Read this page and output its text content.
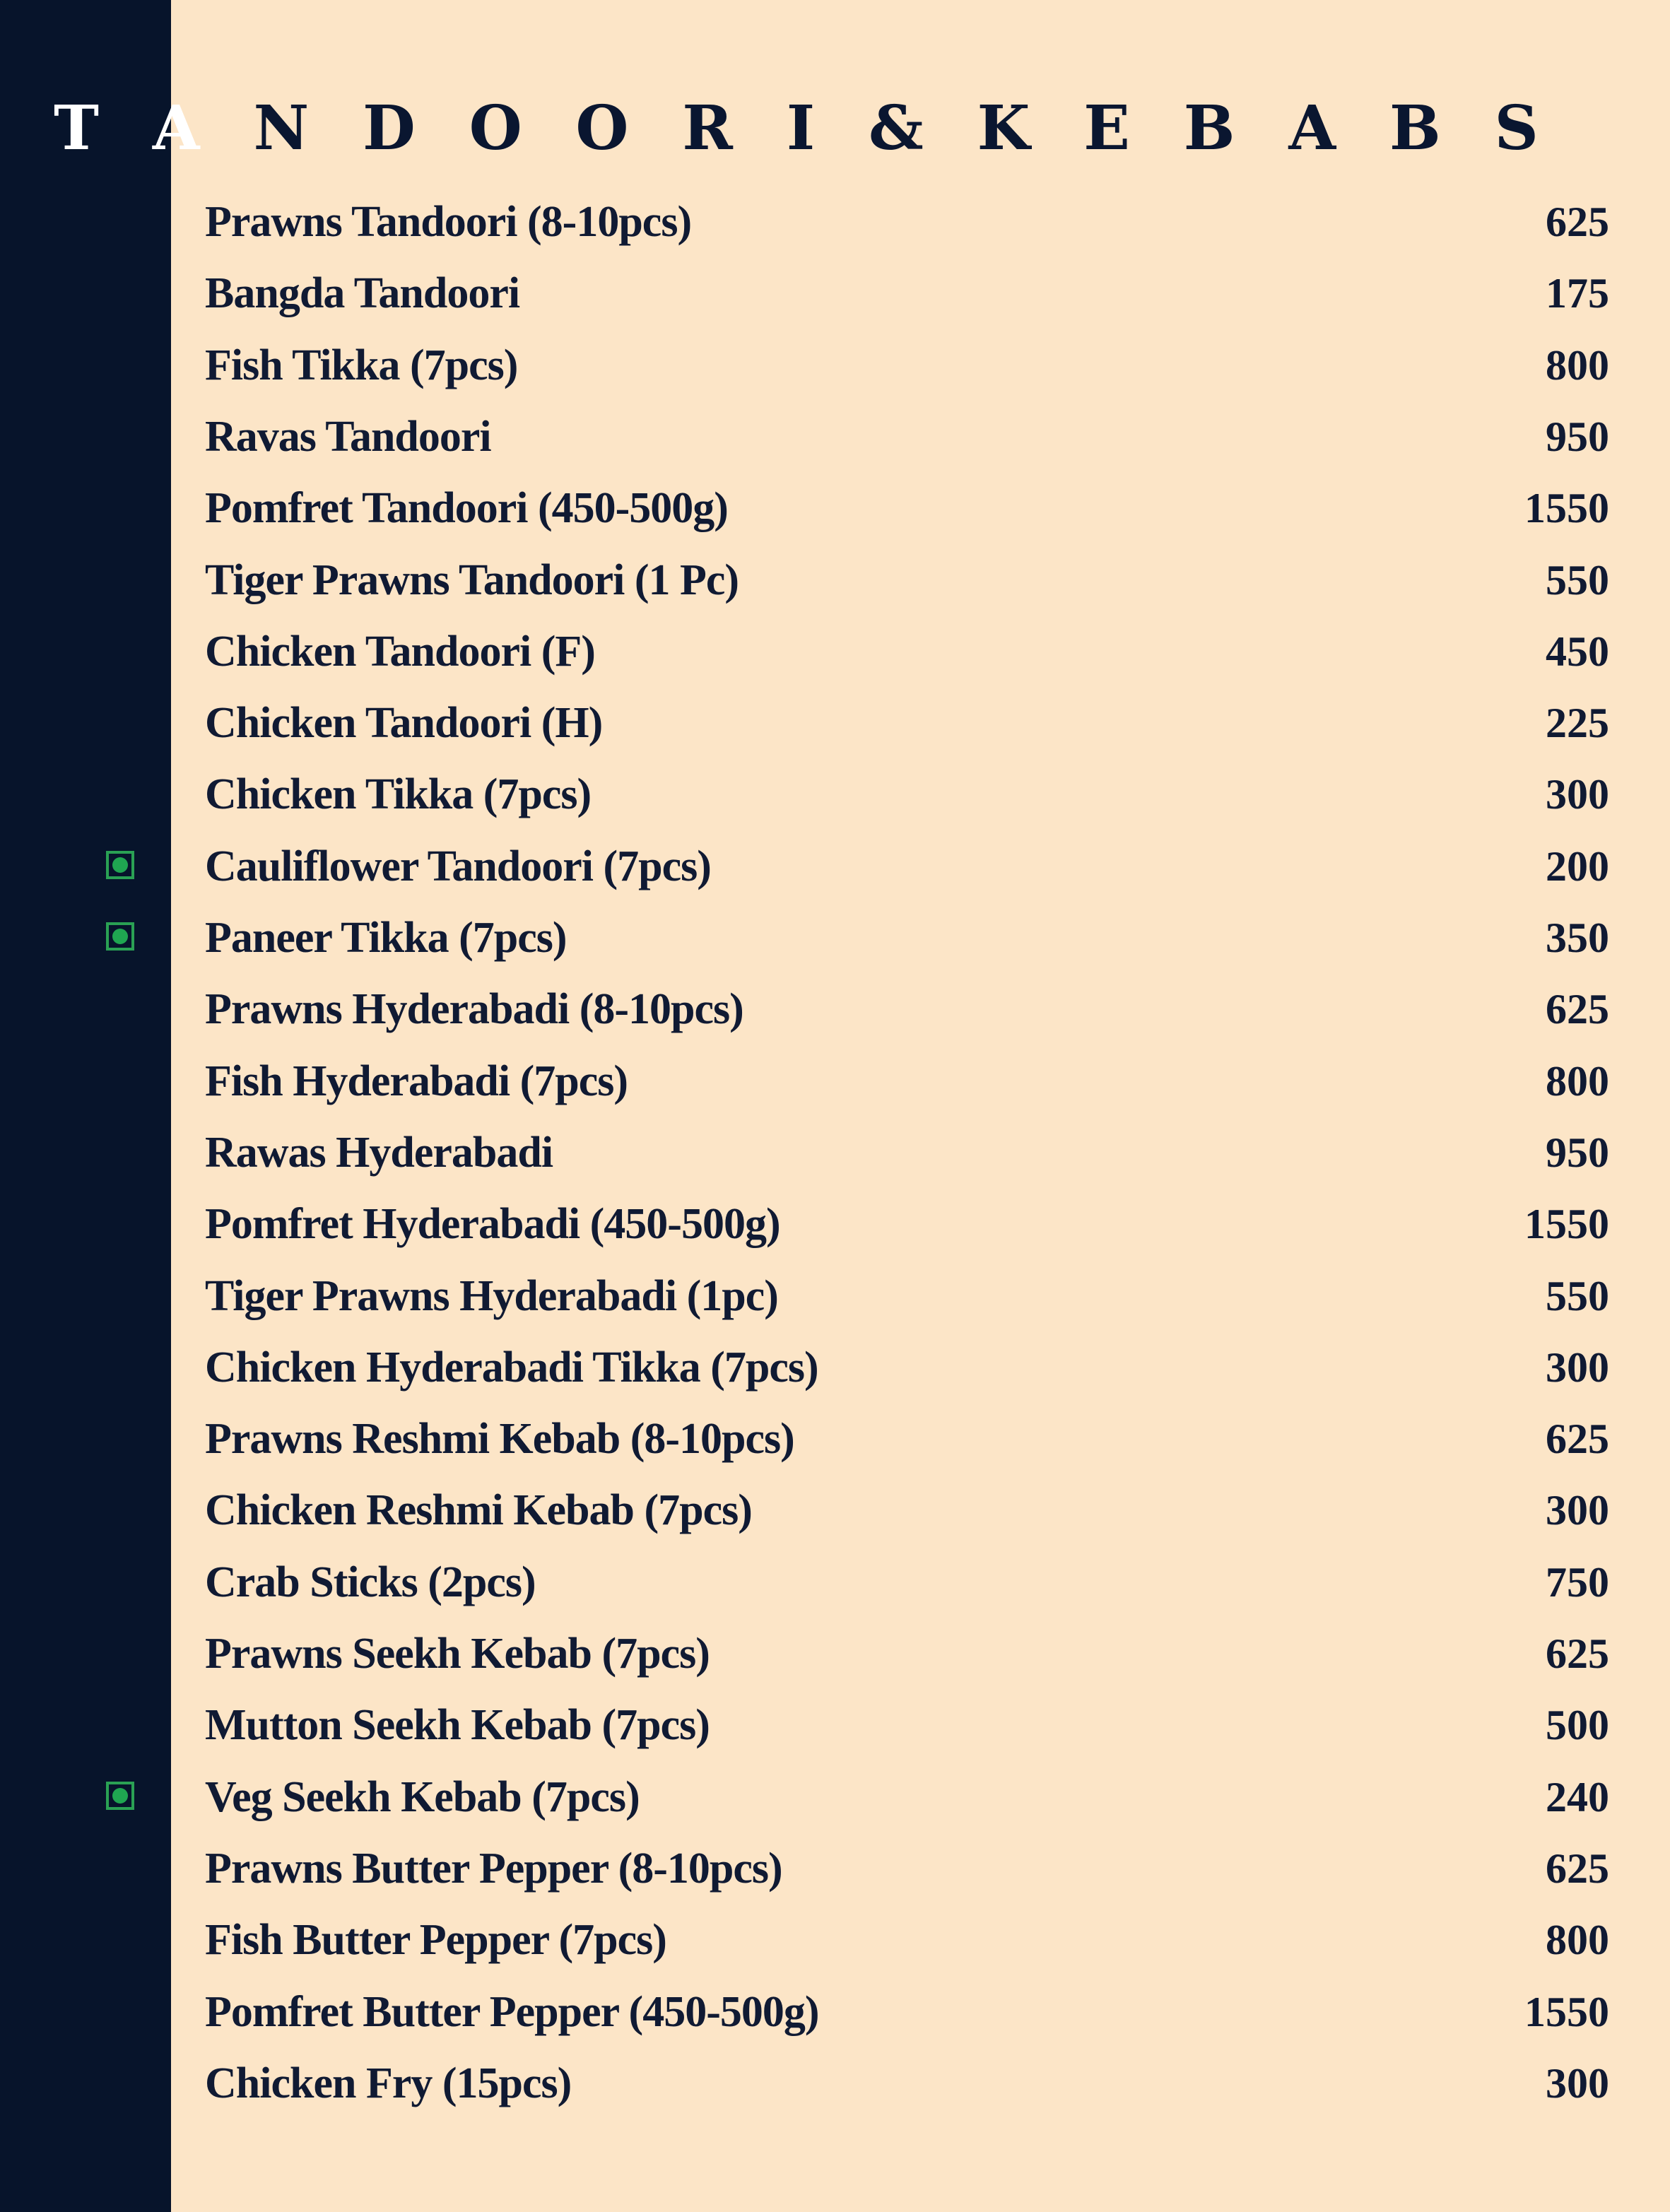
T A N D O O R I & K E B A B S
Prawns Tandoori (8-10pcs)	625
Bangda Tandoori	175
Fish Tikka (7pcs)	800
Ravas Tandoori	950
Pomfret Tandoori (450-500g)	1550
Tiger Prawns Tandoori (1 Pc)	550
Chicken Tandoori (F)	450
Chicken Tandoori (H)	225
Chicken Tikka (7pcs)	300
Cauliflower Tandoori (7pcs)	200
Paneer Tikka (7pcs)	350
Prawns Hyderabadi (8-10pcs)	625
Fish Hyderabadi (7pcs)	800
Rawas Hyderabadi	950
Pomfret Hyderabadi (450-500g)	1550
Tiger Prawns Hyderabadi (1pc)	550
Chicken Hyderabadi Tikka (7pcs)	300
Prawns Reshmi Kebab (8-10pcs)	625
Chicken Reshmi Kebab (7pcs)	300
Crab Sticks (2pcs)	750
Prawns Seekh Kebab (7pcs)	625
Mutton Seekh Kebab (7pcs)	500
Veg Seekh Kebab (7pcs)	240
Prawns Butter Pepper (8-10pcs)	625
Fish Butter Pepper (7pcs)	800
Pomfret Butter Pepper (450-500g)	1550
Chicken Fry (15pcs)	300
